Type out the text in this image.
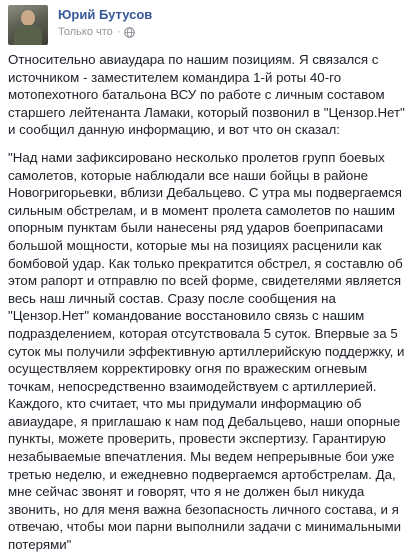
Юрий Бутусов
Только что ·

Относительно авиаудара по нашим позициям. Я связался с
источником - заместителем командира 1-й роты 40-го
мотопехотного батальона ВСУ по работе с личным составом
старшего лейтенанта Ламаки, который позвонил в "Цензор.Нет"
и сообщил данную информацию, и вот что он сказал:

"Над нами зафиксировано несколько пролетов групп боевых
самолетов, которые наблюдали все наши бойцы в районе
Новогригорьевки, вблизи Дебальцево. С утра мы подвергаемся
сильным обстрелам, и в момент пролета самолетов по нашим
опорным пунктам были нанесены ряд ударов боеприпасами
большой мощности, которые мы на позициях расценили как
бомбовой удар. Как только прекратится обстрел, я составлю об
этом рапорт и отправлю по всей форме, свидетелями является
весь наш личный состав. Сразу после сообщения на
"Цензор.Нет" командование восстановило связь с нашим
подразделением, которая отсутствовала 5 суток. Впервые за 5
суток мы получили эффективную артиллерийскую поддержку, и
осуществляем корректировку огня по вражеским огневым
точкам, непосредственно взаимодействуем с артиллерией.
Каждого, кто считает, что мы придумали информацию об
авиаударе, я приглашаю к нам под Дебальцево, наши опорные
пункты, можете проверить, провести экспертизу. Гарантирую
незабываемые впечатления. Мы ведем непрерывные бои уже
третью неделю, и ежедневно подвергаемся артобстрелам. Да,
мне сейчас звонят и говорят, что я не должен был никуда
звонить, но для меня важна безопасность личного состава, и я
отвечаю, чтобы мои парни выполнили задачи с минимальными
потерями"
